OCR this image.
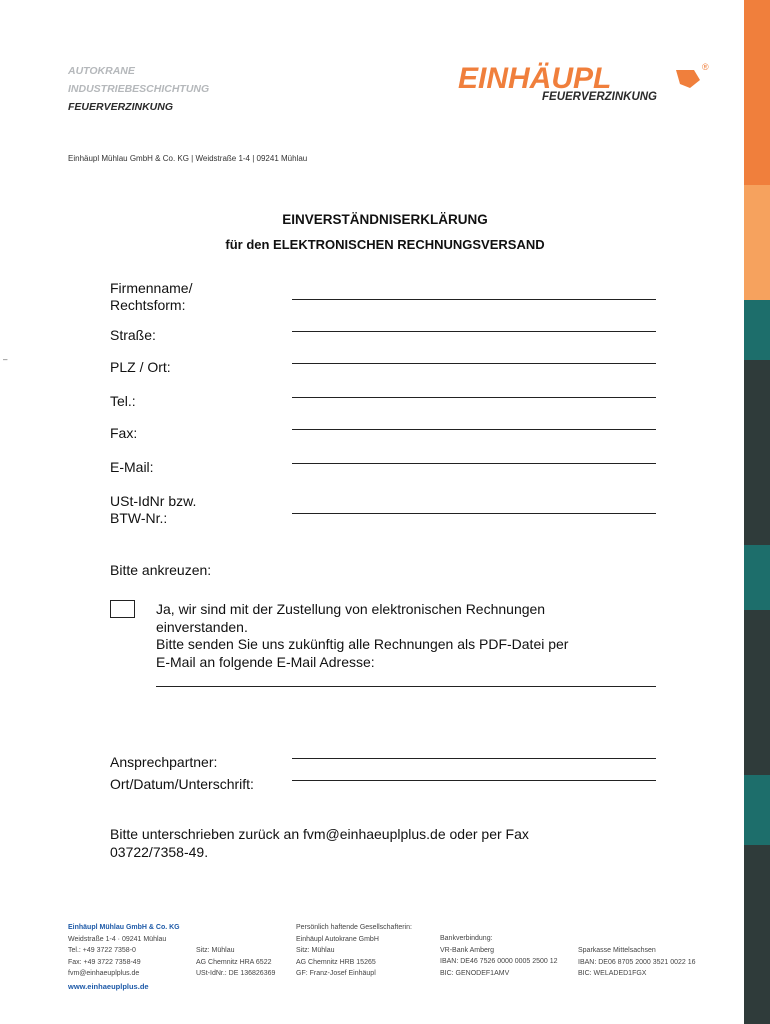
–
AUTOKRANE
INDUSTRIEBESCHICHTUNG
FEUERVERZINKUNG
EINHÄUPL	®
FEUERVERZINKUNG
Einhäupl Mühlau GmbH & Co. KG | Weidstraße 1-4 | 09241 Mühlau
EINVERSTÄNDNISERKLÄRUNG
für den ELEKTRONISCHEN RECHNUNGSVERSAND
Firmenname/
Rechtsform:
Straße:
PLZ / Ort:
Tel.:
Fax:
E-Mail:
USt-IdNr bzw.
BTW-Nr.:
Bitte ankreuzen:
Ja, wir sind mit der Zustellung von elektronischen Rechnungen
einverstanden.
Bitte senden Sie uns zukünftig alle Rechnungen als PDF-Datei per
E-Mail an folgende E-Mail Adresse:
Ansprechpartner:
Ort/Datum/Unterschrift:
Bitte unterschrieben zurück an fvm@einhaeuplplus.de oder per Fax
03722/7358-49.
Einhäupl Mühlau GmbH & Co. KG
Weidstraße 1-4 · 09241 Mühlau
Tel.: +49 3722 7358-0
Fax: +49 3722 7358-49
fvm@einhaeuplplus.de
Sitz: Mühlau
AG Chemnitz HRA 6522
USt-IdNr.: DE 136826369
Persönlich haftende Gesellschafterin:
Einhäupl Autokrane GmbH
Sitz: Mühlau
AG Chemnitz HRB 15265
GF: Franz-Josef Einhäupl
Bankverbindung:
VR-Bank Amberg
IBAN: DE46 7526 0000 0005 2500 12
BIC: GENODEF1AMV
Sparkasse Mittelsachsen
IBAN: DE06 8705 2000 3521 0022 16
BIC: WELADED1FGX
www.einhaeuplplus.de
